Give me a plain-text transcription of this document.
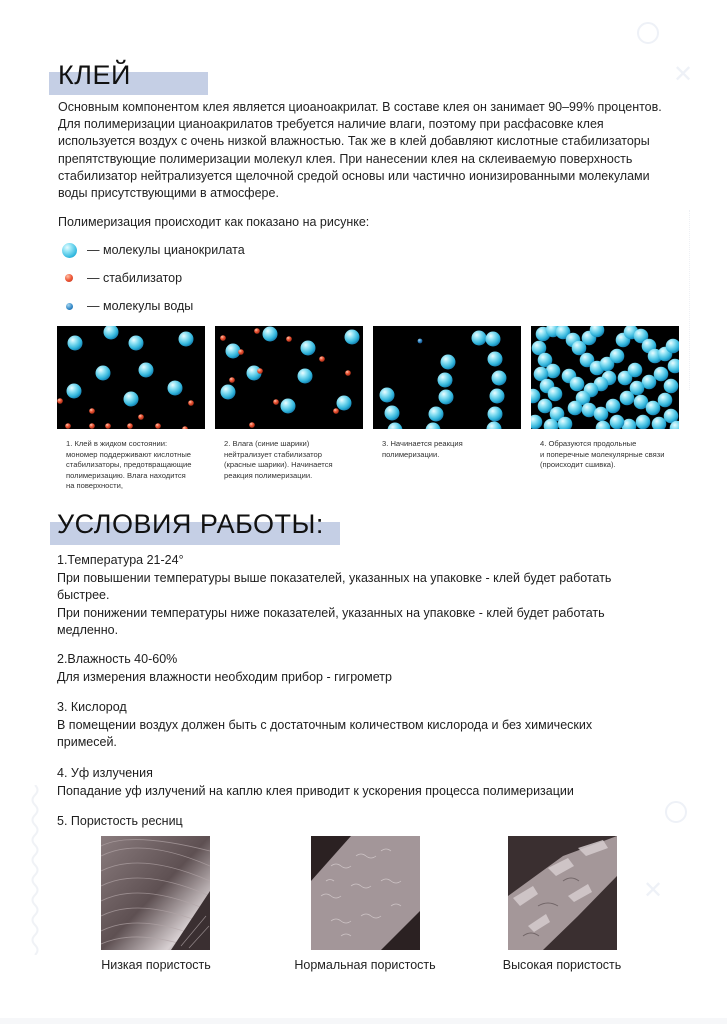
✕
✕
КЛЕЙ

Основным компонентом клея является циоаноакрилат. В составе клея он занимает 90–99% процентов.

Для полимеризации цианоакрилатов требуется наличие влаги, поэтому при расфасовке клея

используется воздух с очень низкой влажностью. Так же в клей добавляют кислотные стабилизаторы

препятствующие полимеризации молекул клея. При нанесении клея на склеиваемую поверхность

стабилизатор нейтрализуется щелочной средой основы или частично ионизированными молекулами

воды присутствующими в атмосфере.

Полимеризация происходит как показано на рисунке:

— молекулы цианокрилата
— стабилизатор
— молекулы воды
1. Клей в жидком состоянии:
мономер поддерживают кислотные
стабилизаторы, предотвращающие
полимеризацию. Влага находится
на поверхности,
2. Влага (синие шарики)
нейтрализует стабилизатор
(красные шарики). Начинается
реакция полимеризации.
3. Начинается реакция
полимеризации.
4. Образуются продольные
и поперечные молекулярные связи
(происходит сшивка).
УСЛОВИЯ РАБОТЫ:

1.Температура 21-24°

При повышении температуры выше показателей, указанных на упаковке - клей будет работать

быстрее.

При понижении температуры ниже показателей, указанных на упаковке - клей будет работать

медленно.

2.Влажность 40-60%

Для измерения влажности необходим прибор - гигрометр

3. Кислород

В помещении воздух должен быть с достаточным количеством кислорода и без химических

примесей.

4. Уф излучения

Попадание уф излучений на каплю клея приводит к ускорения процесса полимеризации

5. Пористость ресниц

Низкая пористость	Нормальная пористость	Высокая пористость
